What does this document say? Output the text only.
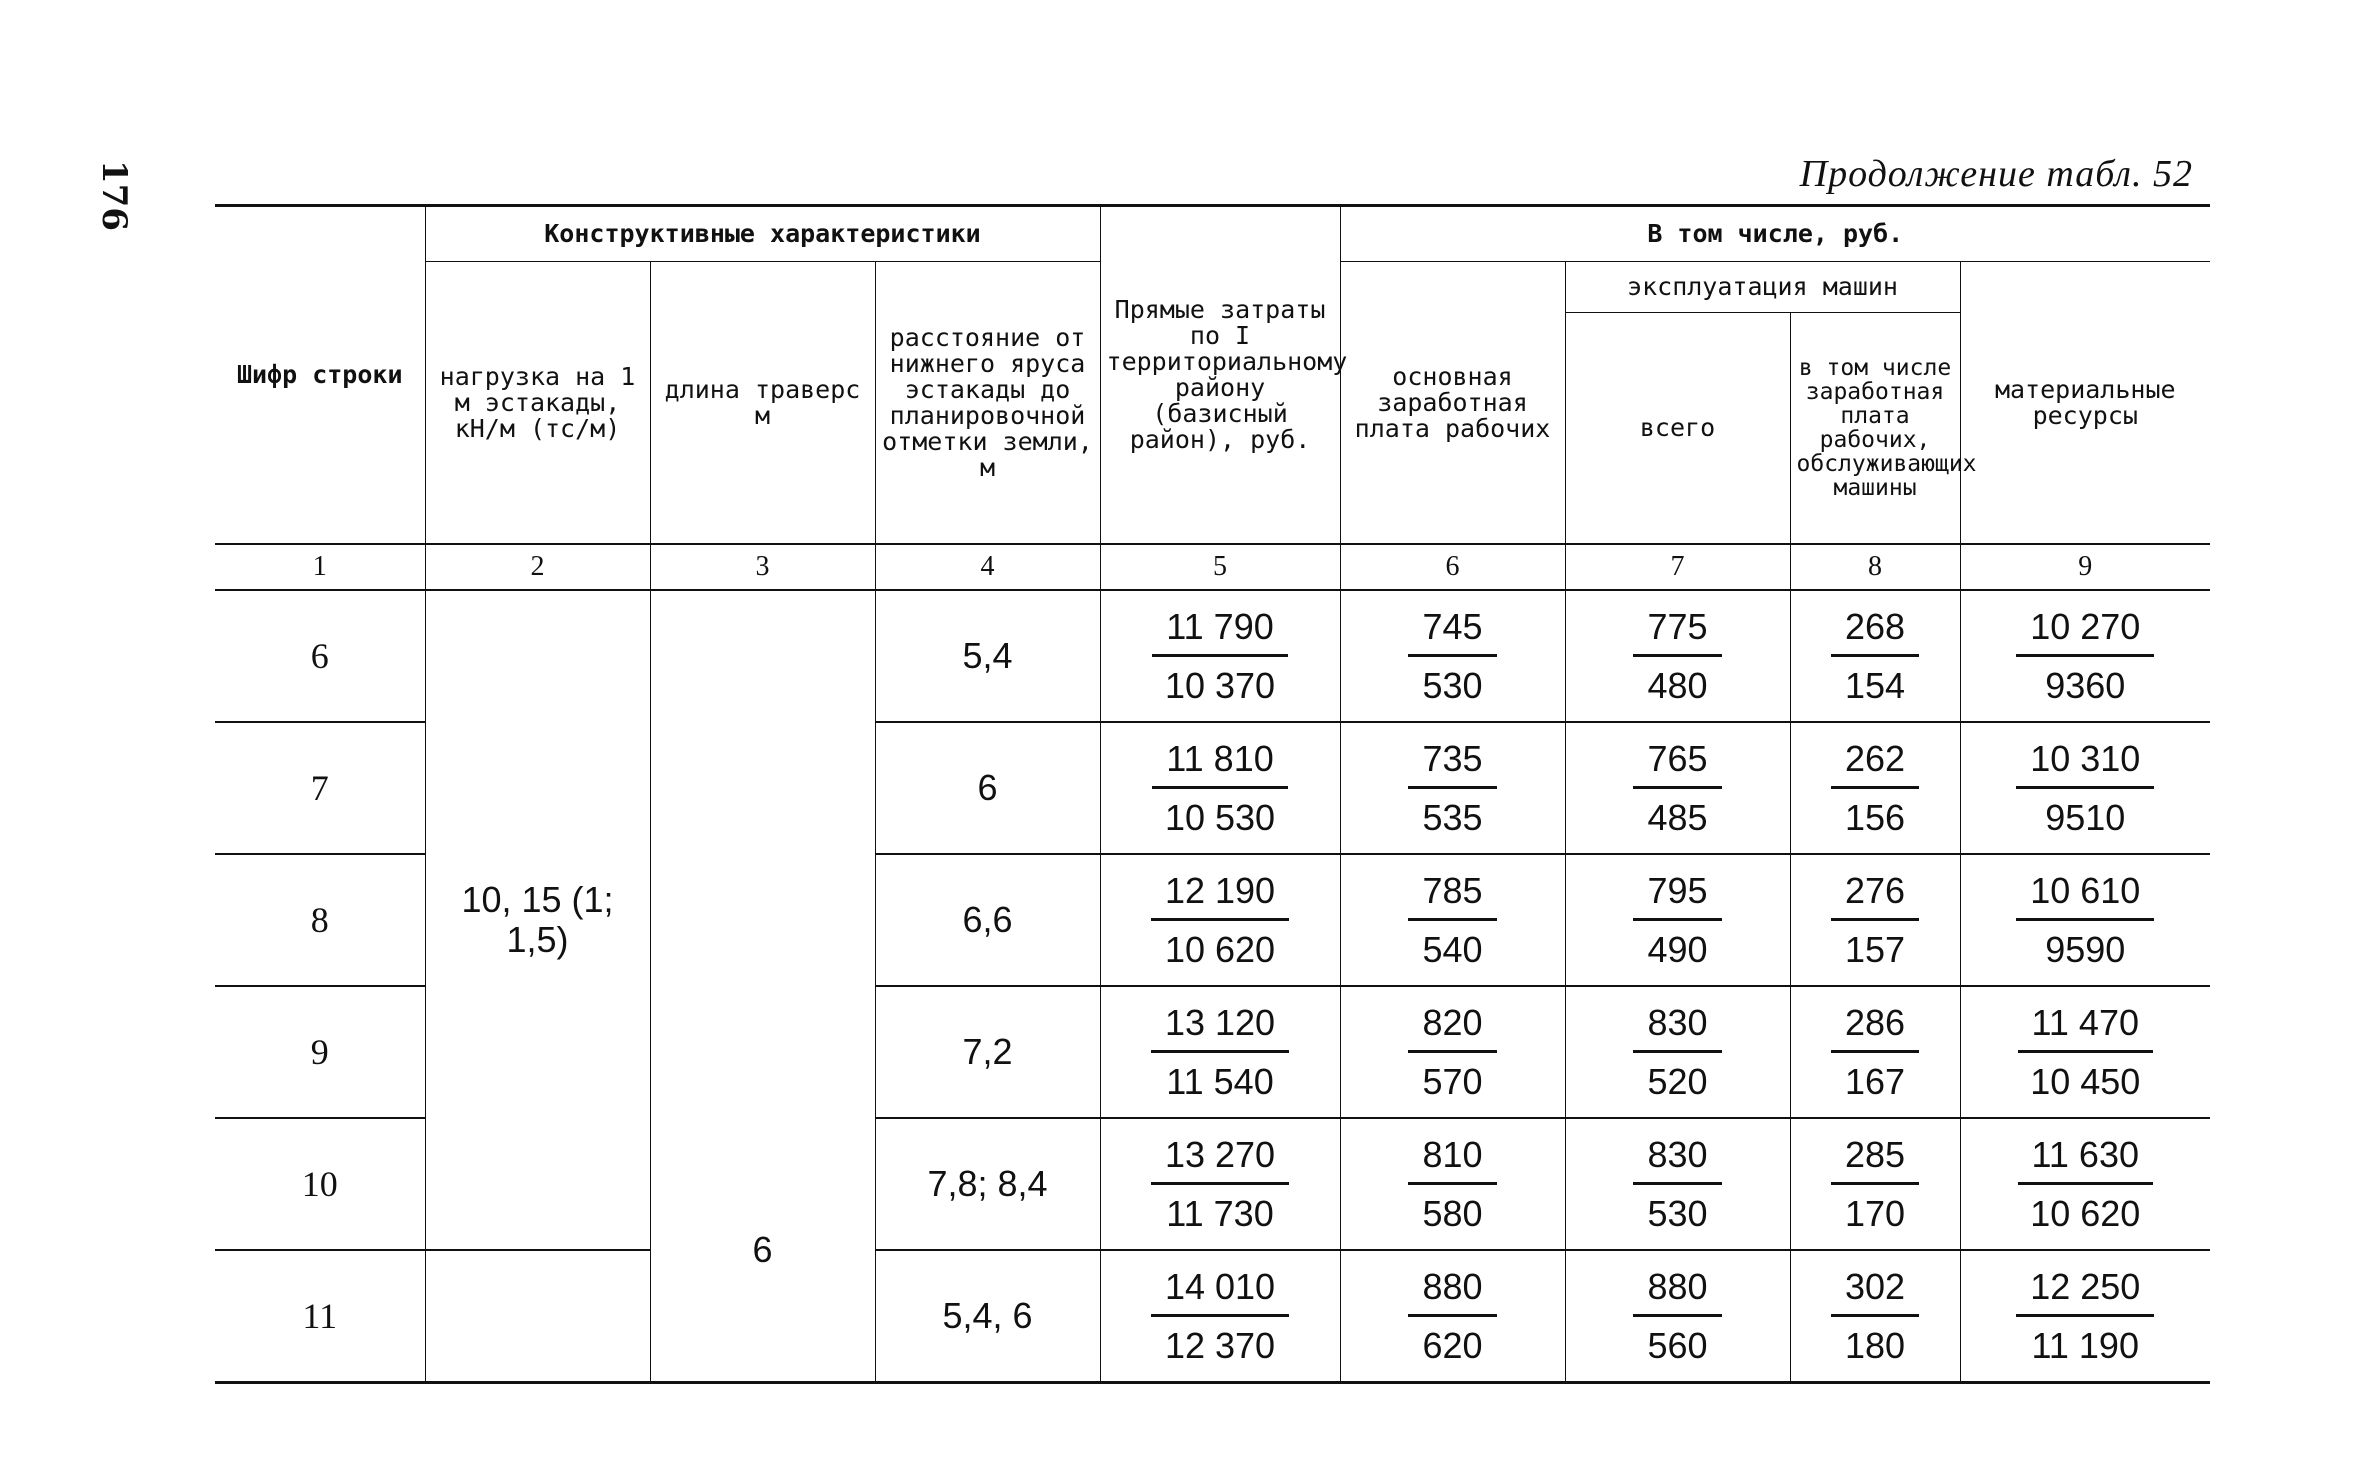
176	Продолжение табл. 52
Шифр строки	Конструктивные характеристики			Прямые затраты по I территориальному району (базисный район), руб.	В том числе, руб.			
	нагрузка на 1 м эстакады, кН/м (тс/м)	длина траверс м	расстояние от нижнего яруса эстакады до планировочной отметки земли, м		основная заработная плата рабочих	эксплуатация машин		материальные ресурсы
						всего	в том числе заработная плата рабочих, обслуживающих машины	
1	2	3	4	5	6	7	8	9
6	10, 15 (1; 1,5)	6	5,4	$\frac{11 790}{10 370}$	$\frac{745}{530}$	$\frac{775}{480}$	$\frac{268}{154}$	$\frac{10 270}{9360}$

7			6	$\frac{11 810}{10 530}$	$\frac{735}{535}$	$\frac{765}{485}$	$\frac{262}{156}$	$\frac{10 310}{9510}$

8			6,6	$\frac{12 190}{10 620}$	$\frac{785}{540}$	$\frac{795}{490}$	$\frac{276}{157}$	$\frac{10 610}{9590}$

9			7,2	$\frac{13 120}{11 540}$	$\frac{820}{570}$	$\frac{830}{520}$	$\frac{286}{167}$	$\frac{11 470}{10 450}$

10			7,8; 8,4	$\frac{13 270}{11 730}$	$\frac{810}{580}$	$\frac{830}{530}$	$\frac{285}{170}$	$\frac{11 630}{10 620}$

11			5,4, 6	$\frac{14 010}{12 370}$	$\frac{880}{620}$	$\frac{880}{560}$	$\frac{302}{180}$	$\frac{12 250}{11 190}$
